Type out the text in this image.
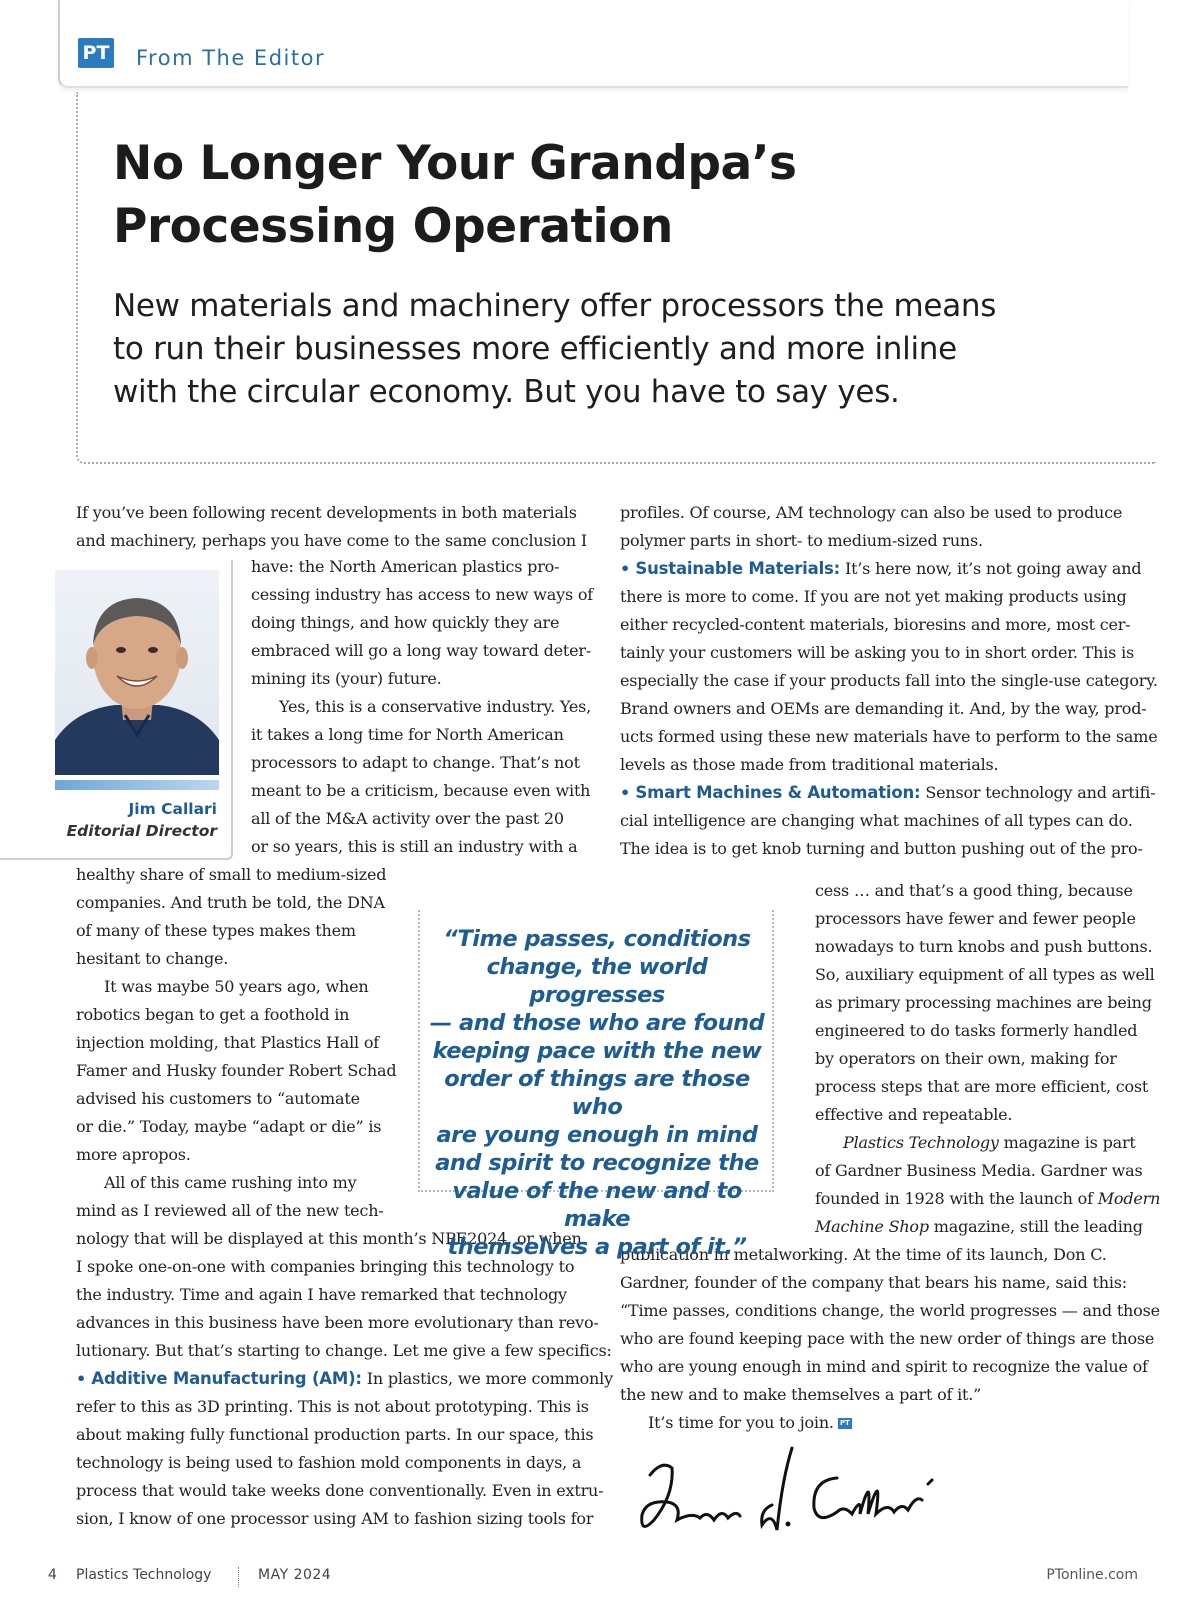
PT From The Editor
No Longer Your Grandpa’s
Processing Operation
New materials and machinery offer processors the means
to run their businesses more efficiently and more inline
with the circular economy. But you have to say yes.
Jim Callari
Editorial Director
If you’ve been following recent developments in both materials
and machinery, perhaps you have come to the same conclusion I
have: the North American plastics pro-
cessing industry has access to new ways of
doing things, and how quickly they are
embraced will go a long way toward deter-
mining its (your) future.
Yes, this is a conservative industry. Yes,
it takes a long time for North American
processors to adapt to change. That’s not
meant to be a criticism, because even with
all of the M&A activity over the past 20
or so years, this is still an industry with a
healthy share of small to medium-sized
companies. And truth be told, the DNA
of many of these types makes them
hesitant to change.
It was maybe 50 years ago, when
robotics began to get a foothold in
injection molding, that Plastics Hall of
Famer and Husky founder Robert Schad
advised his customers to “automate
or die.” Today, maybe “adapt or die” is
more apropos.
All of this came rushing into my
mind as I reviewed all of the new tech-
nology that will be displayed at this month’s NPE2024, or when
I spoke one-on-one with companies bringing this technology to
the industry. Time and again I have remarked that technology
advances in this business have been more evolutionary than revo-
lutionary. But that’s starting to change. Let me give a few specifics:
• Additive Manufacturing (AM): In plastics, we more commonly
refer to this as 3D printing. This is not about prototyping. This is
about making fully functional production parts. In our space, this
technology is being used to fashion mold components in days, a
process that would take weeks done conventionally. Even in extru-
sion, I know of one processor using AM to fashion sizing tools for
profiles. Of course, AM technology can also be used to produce
polymer parts in short- to medium-sized runs.
• Sustainable Materials: It’s here now, it’s not going away and
there is more to come. If you are not yet making products using
either recycled-content materials, bioresins and more, most cer-
tainly your customers will be asking you to in short order. This is
especially the case if your products fall into the single-use category.
Brand owners and OEMs are demanding it. And, by the way, prod-
ucts formed using these new materials have to perform to the same
levels as those made from traditional materials.
• Smart Machines & Automation: Sensor technology and artifi-
cial intelligence are changing what machines of all types can do.
The idea is to get knob turning and button pushing out of the pro-
cess … and that’s a good thing, because
processors have fewer and fewer people
nowadays to turn knobs and push buttons.
So, auxiliary equipment of all types as well
as primary processing machines are being
engineered to do tasks formerly handled
by operators on their own, making for
process steps that are more efficient, cost
effective and repeatable.
Plastics Technology magazine is part
of Gardner Business Media. Gardner was
founded in 1928 with the launch of Modern
Machine Shop magazine, still the leading
publication in metalworking. At the time of its launch, Don C.
Gardner, founder of the company that bears his name, said this:
“Time passes, conditions change, the world progresses — and those
who are found keeping pace with the new order of things are those
who are young enough in mind and spirit to recognize the value of
the new and to make themselves a part of it.”
It’s time for you to join. PT
“Time passes, conditions
change, the world progresses
— and those who are found
keeping pace with the new
order of things are those who
are young enough in mind
and spirit to recognize the
value of the new and to make
themselves a part of it.”
4 Plastics Technology	MAY 2024	PTonline.com
